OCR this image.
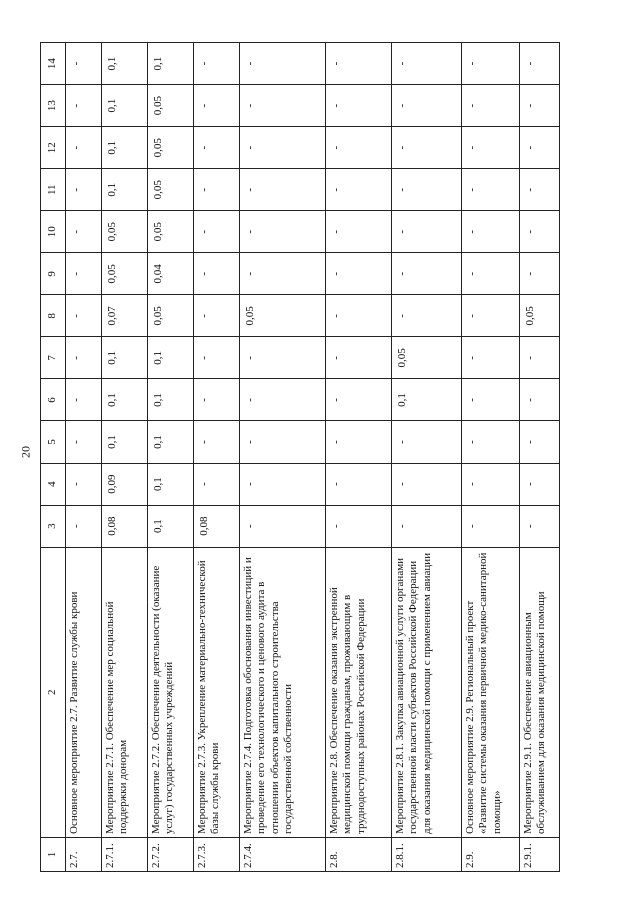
20
1	2	3	4	5	6	7	8	9	10	11	12	13	14
2.7.	Основное мероприятие 2.7. Развитие службы крови	-	-	-	-	-	-	-	-	-	-	-	-
2.7.1.	Мероприятие 2.7.1. Обеспечение мер социальной поддержки донорам	0,08	0,09	0,1	0,1	0,1	0,07	0,05	0,05	0,1	0,1	0,1	0,1
2.7.2.	Мероприятие 2.7.2. Обеспечение деятельности (оказание услуг) государственных учреждений	0,1	0,1	0,1	0,1	0,1	0,05	0,04	0,05	0,05	0,05	0,05	0,1
2.7.3.	Мероприятие 2.7.3. Укрепление материально-технической базы службы крови	0,08	-	-	-	-	-	-	-	-	-	-	-
2.7.4.	Мероприятие 2.7.4. Подготовка обоснования инвестиций и проведение его технологического и ценового аудита в отношении объектов капитального строительства государственной собственности	-	-	-	-	-	0,05	-	-	-	-	-	-
2.8.	Мероприятие 2.8. Обеспечение оказания экстренной медицинской помощи гражданам, проживающим в труднодоступных районах Российской Федерации	-	-	-	-	-	-	-	-	-	-	-	-
2.8.1.	Мероприятие 2.8.1. Закупка авиационной услуги органами государственной власти субъектов Российской Федерации для оказания медицинской помощи с применением авиации	-	-	-	0,1	0,05	-	-	-	-	-	-	-
2.9.	Основное мероприятие 2.9. Региональный проект «Развитие системы оказания первичной медико-санитарной помощи»	-	-	-	-	-	-	-	-	-	-	-	-
2.9.1.	Мероприятие 2.9.1. Обеспечение авиационным обслуживанием для оказания медицинской помощи	-	-	-	-	-	0,05	-	-	-	-	-	-
